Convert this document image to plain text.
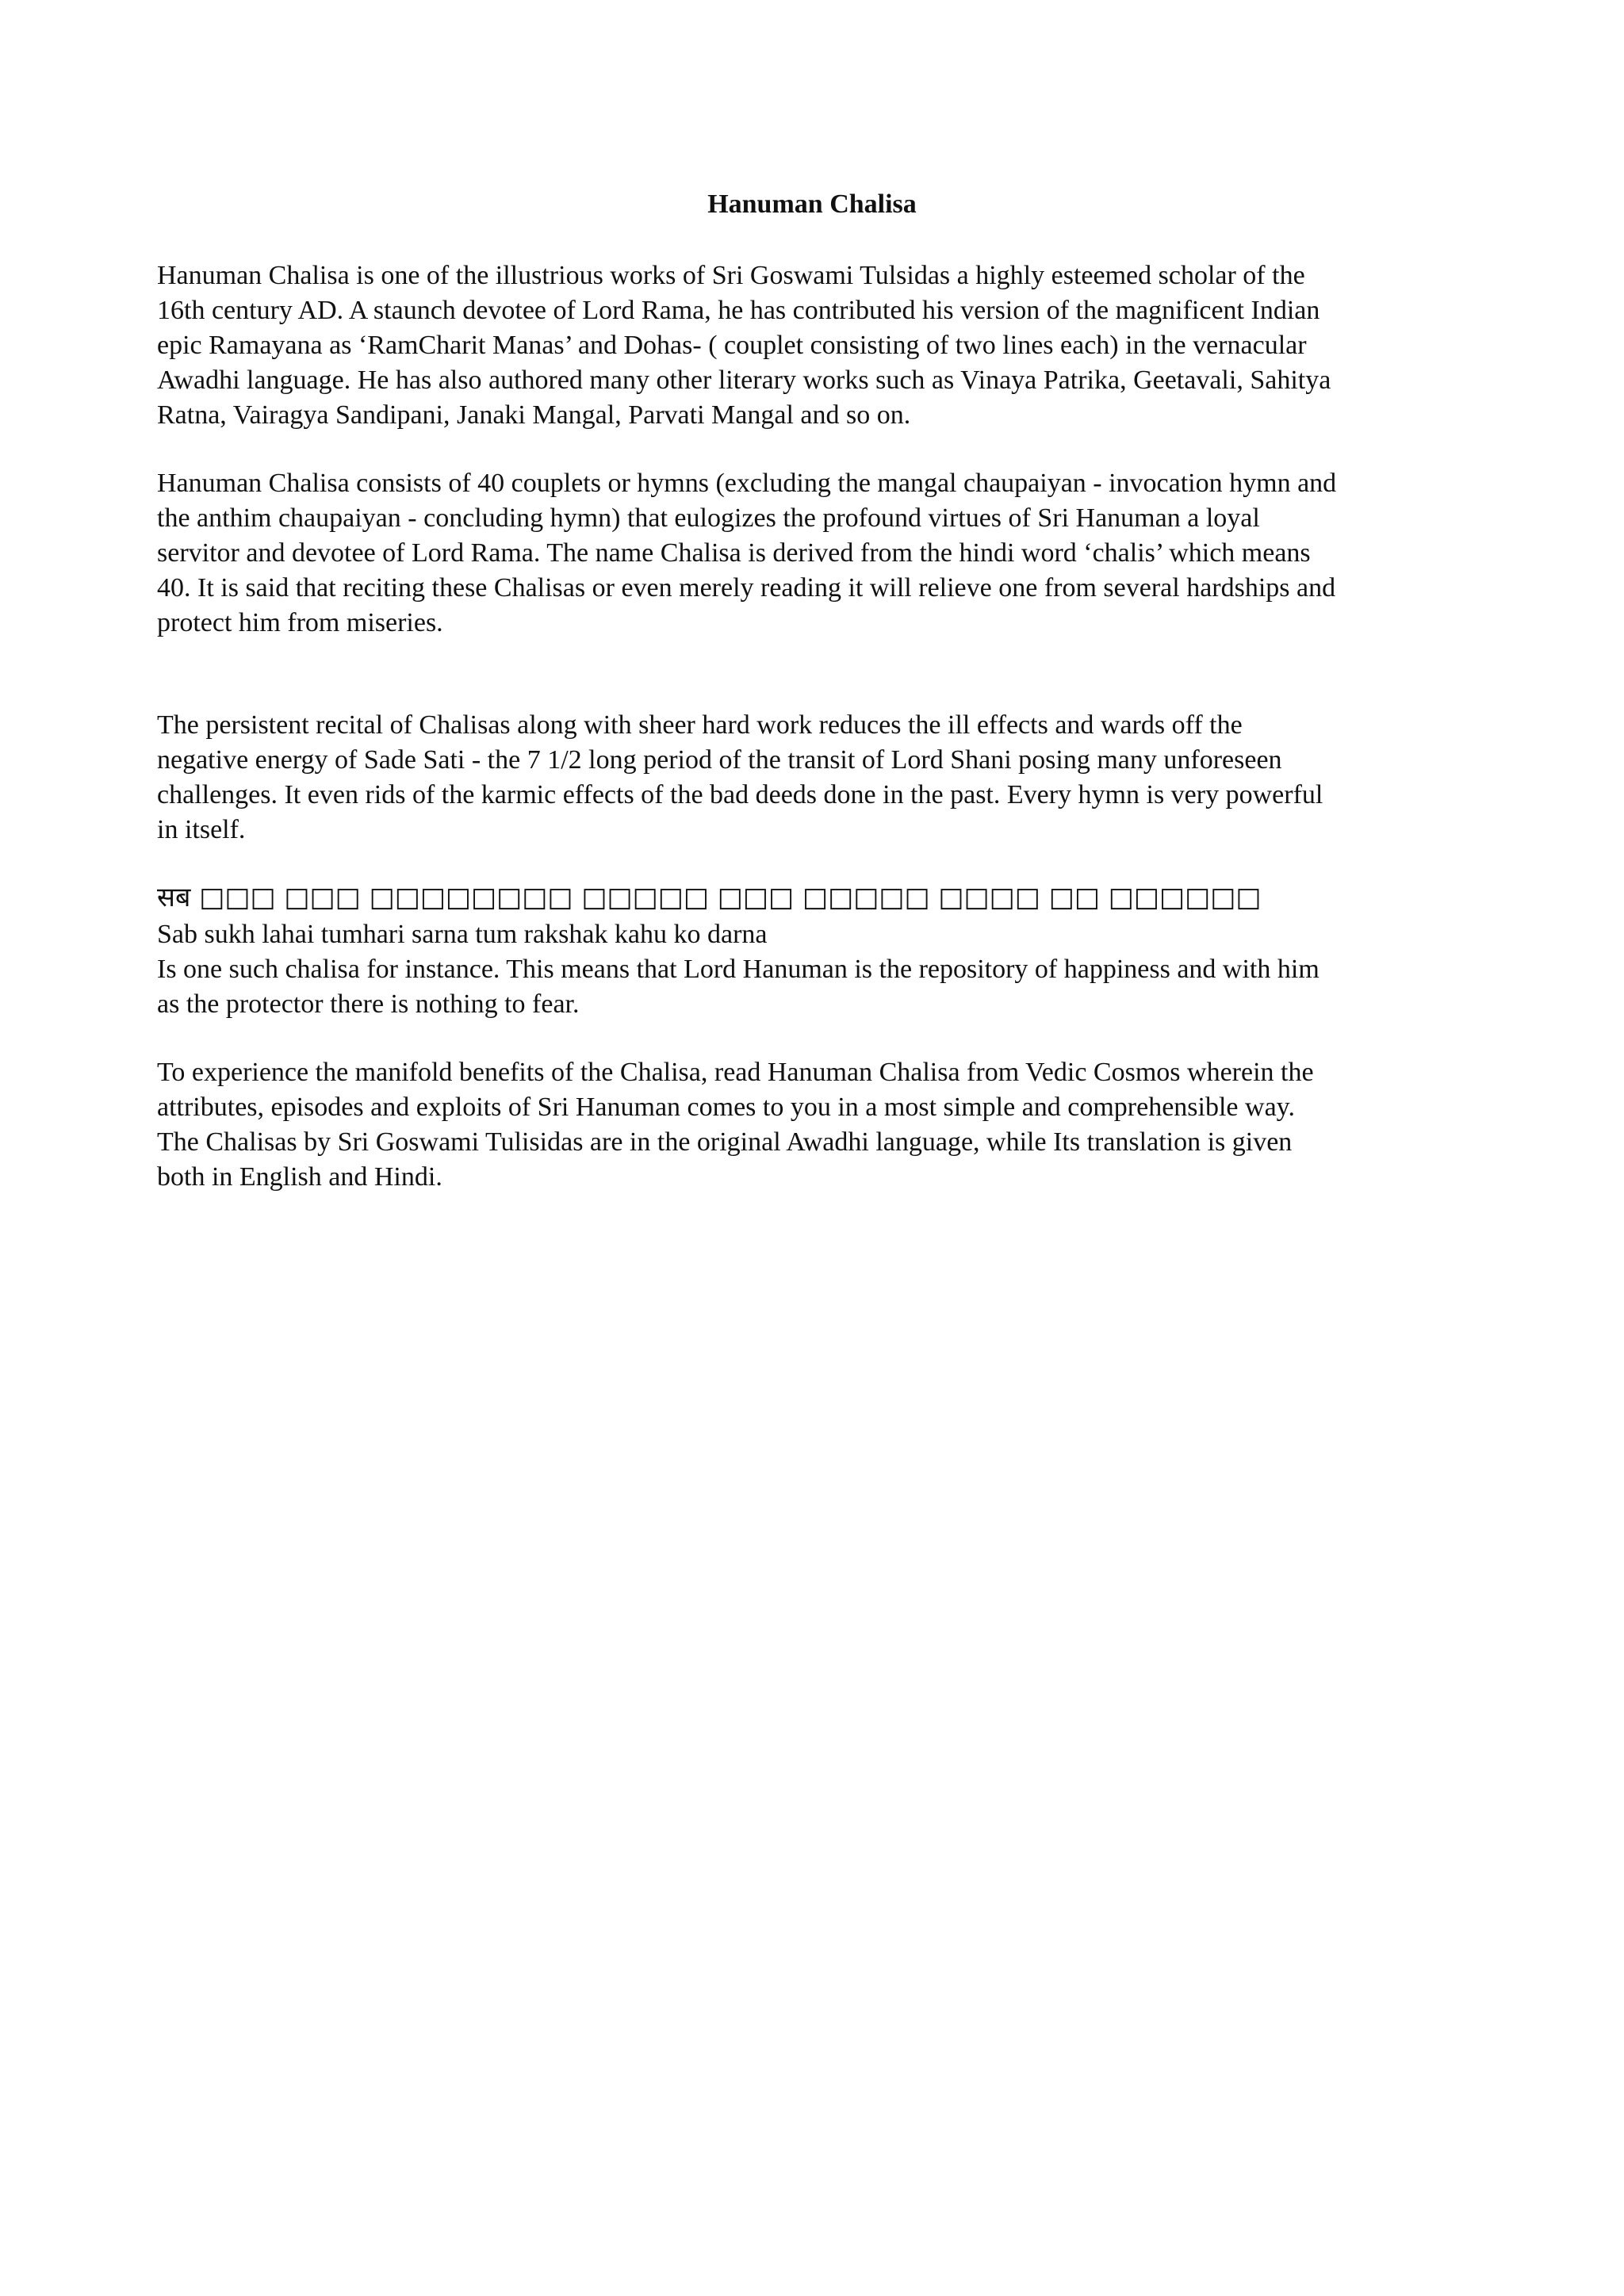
Hanuman Chalisa

Hanuman Chalisa is one of the illustrious works of Sri Goswami Tulsidas a highly esteemed scholar of the

16th century AD. A staunch devotee of Lord Rama, he has contributed his version of the magnificent Indian

epic Ramayana as ‘RamCharit Manas’ and Dohas- ( couplet consisting of two lines each) in the vernacular

Awadhi language. He has also authored many other literary works such as Vinaya Patrika, Geetavali, Sahitya

Ratna, Vairagya Sandipani, Janaki Mangal, Parvati Mangal and so on.

Hanuman Chalisa consists of 40 couplets or hymns (excluding the mangal chaupaiyan - invocation hymn and

the anthim chaupaiyan - concluding hymn) that eulogizes the profound virtues of Sri Hanuman a loyal

servitor and devotee of Lord Rama. The name Chalisa is derived from the hindi word ‘chalis’ which means

40. It is said that reciting these Chalisas or even merely reading it will relieve one from several hardships and

protect him from miseries.

The persistent recital of Chalisas along with sheer hard work reduces the ill effects and wards off the

negative energy of Sade Sati - the 7 1/2 long period of the transit of Lord Shani posing many unforeseen

challenges. It even rids of the karmic effects of the bad deeds done in the past. Every hymn is very powerful

in itself.

सब □□□ □□□ □□□□□□□□ □□□□□ □□□ □□□□□ □□□□ □□ □□□□□□

Sab sukh lahai tumhari sarna tum rakshak kahu ko darna

Is one such chalisa for instance. This means that Lord Hanuman is the repository of happiness and with him

as the protector there is nothing to fear.

To experience the manifold benefits of the Chalisa, read Hanuman Chalisa from Vedic Cosmos wherein the

attributes, episodes and exploits of Sri Hanuman comes to you in a most simple and comprehensible way.

The Chalisas by Sri Goswami Tulisidas are in the original Awadhi language, while Its translation is given

both in English and Hindi.
